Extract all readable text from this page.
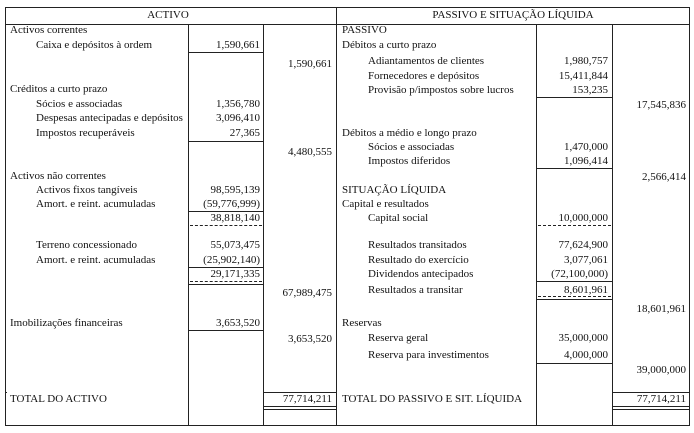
ACTIVO	PASSIVO E SITUAÇÃO LÍQUIDA
Activos correntes
Caixa e depósitos à ordem	1,590,661
1,590,661
Créditos a curto prazo
Sócios e associadas	1,356,780
Despesas antecipadas e depósitos	3,096,410
Impostos recuperáveis	27,365
4,480,555
Activos não correntes
Activos fixos tangíveis	98,595,139
Amort. e reint. acumuladas	(59,776,999)
38,818,140
Terreno concessionado	55,073,475
Amort. e reint. acumuladas	(25,902,140)
29,171,335
67,989,475
Imobilizações financeiras	3,653,520
3,653,520
TOTAL DO ACTIVO	77,714,211
PASSIVO
Débitos a curto prazo
Adiantamentos de clientes	1,980,757
Fornecedores e depósitos	15,411,844
Provisão p/impostos sobre lucros	153,235
17,545,836
Débitos a médio e longo prazo
Sócios e associadas	1,470,000
Impostos diferidos	1,096,414
2,566,414
SITUAÇÃO LÍQUIDA
Capital e resultados
Capital social	10,000,000
Resultados transitados	77,624,900
Resultado do exercício	3,077,061
Dividendos antecipados	(72,100,000)
Resultados a transitar	8,601,961
18,601,961
Reservas
Reserva geral	35,000,000
Reserva para investimentos	4,000,000
39,000,000
TOTAL DO PASSIVO E SIT. LÍQUIDA	77,714,211
